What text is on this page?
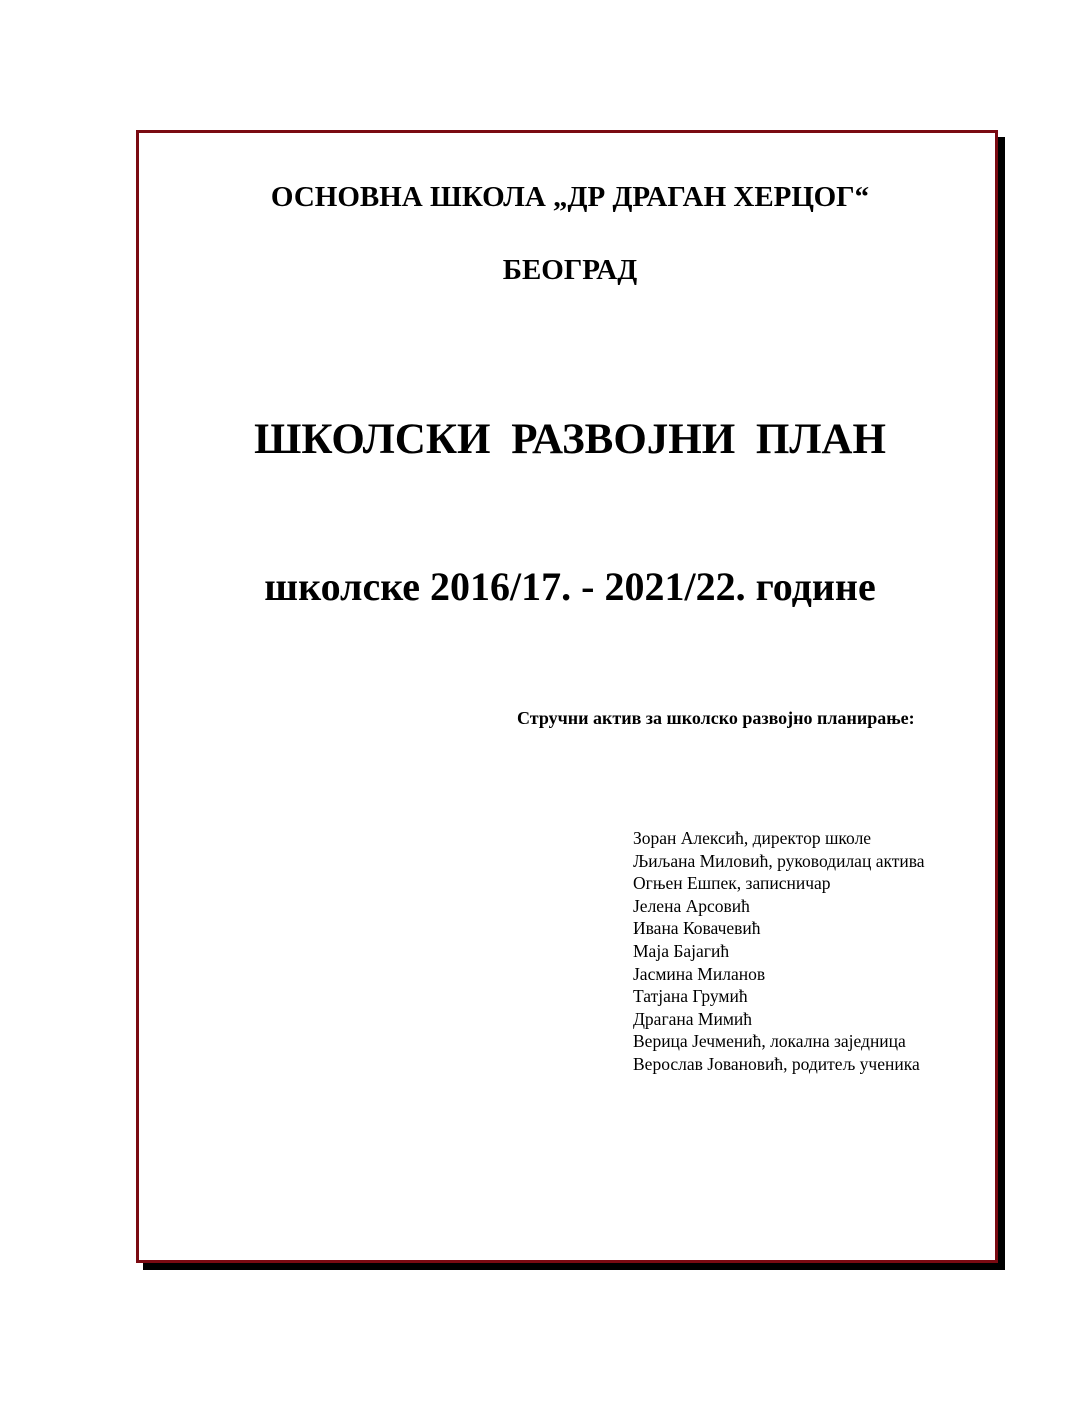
ОСНОВНА ШКОЛА „ДР ДРАГАН ХЕРЦОГ“
БЕОГРАД
ШКОЛСКИ РАЗВОЈНИ ПЛАН
школске 2016/17. - 2021/22. године
Стручни актив за школско развојно планирање:
Зоран Алексић, директор школе
Љиљана Миловић, руководилац актива
Огњен Ешпек, записничар
Јелена Арсовић
Ивана Ковачевић
Маја Бајагић
Јасмина Миланов
Татјана Грумић
Драгана Мимић
Верица Јечменић, локална заједница
Верослав Јовановић, родитељ ученика
